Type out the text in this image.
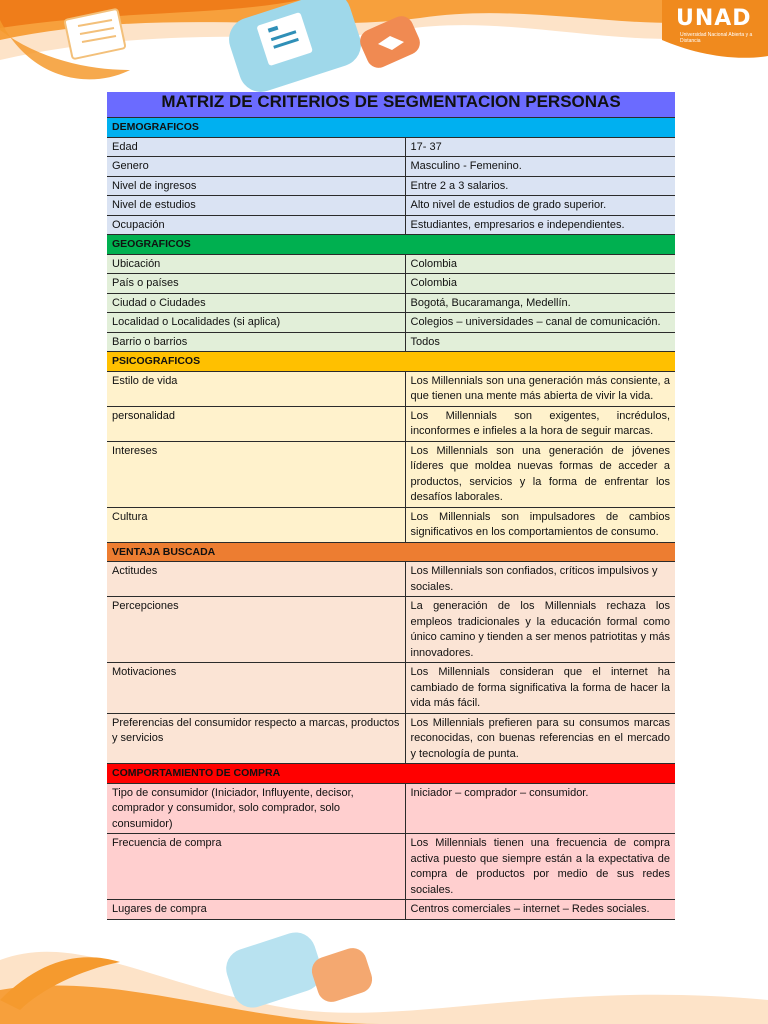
UNAD
Universidad Nacional Abierta y a Distancia
MATRIZ DE CRITERIOS DE SEGMENTACION PERSONAS	
DEMOGRAFICOS	
Edad	17- 37
Genero	Masculino - Femenino.
Nivel de ingresos	Entre 2 a 3 salarios.
Nivel de estudios	Alto nivel de estudios de grado superior.
Ocupación	Estudiantes, empresarios e independientes.
GEOGRAFICOS	
Ubicación	Colombia
País o países	Colombia
Ciudad o Ciudades	Bogotá, Bucaramanga, Medellín.
Localidad o Localidades (si aplica)	Colegios – universidades – canal de comunicación.
Barrio o barrios	Todos
PSICOGRAFICOS	
Estilo de vida	Los Millennials son una generación más consiente, a que tienen una mente más abierta de vivir la vida.
personalidad	Los Millennials son exigentes, incrédulos, inconformes e infieles a la hora de seguir marcas.
Intereses	Los Millennials son una generación de jóvenes líderes que moldea nuevas formas de acceder a productos, servicios y la forma de enfrentar los desafíos laborales.
Cultura	Los Millennials son impulsadores de cambios significativos en los comportamientos de consumo.
VENTAJA BUSCADA	
Actitudes	Los Millennials son confiados, críticos impulsivos y sociales.
Percepciones	La generación de los Millennials rechaza los empleos tradicionales y la educación formal como único camino y tienden a ser menos patriotitas y más innovadores.
Motivaciones	Los Millennials consideran que el internet ha cambiado de forma significativa la forma de hacer la vida más fácil.
Preferencias del consumidor respecto a marcas, productos y servicios	Los Millennials prefieren para su consumos marcas reconocidas, con buenas referencias en el mercado y tecnología de punta.
COMPORTAMIENTO DE COMPRA	
Tipo de consumidor (Iniciador, Influyente, decisor, comprador y consumidor, solo comprador, solo consumidor)	Iniciador – comprador – consumidor.
Frecuencia de compra	Los Millennials tienen una frecuencia de compra activa puesto que siempre están a la expectativa de compra de productos por medio de sus redes sociales.
Lugares de compra	Centros comerciales – internet – Redes sociales.
